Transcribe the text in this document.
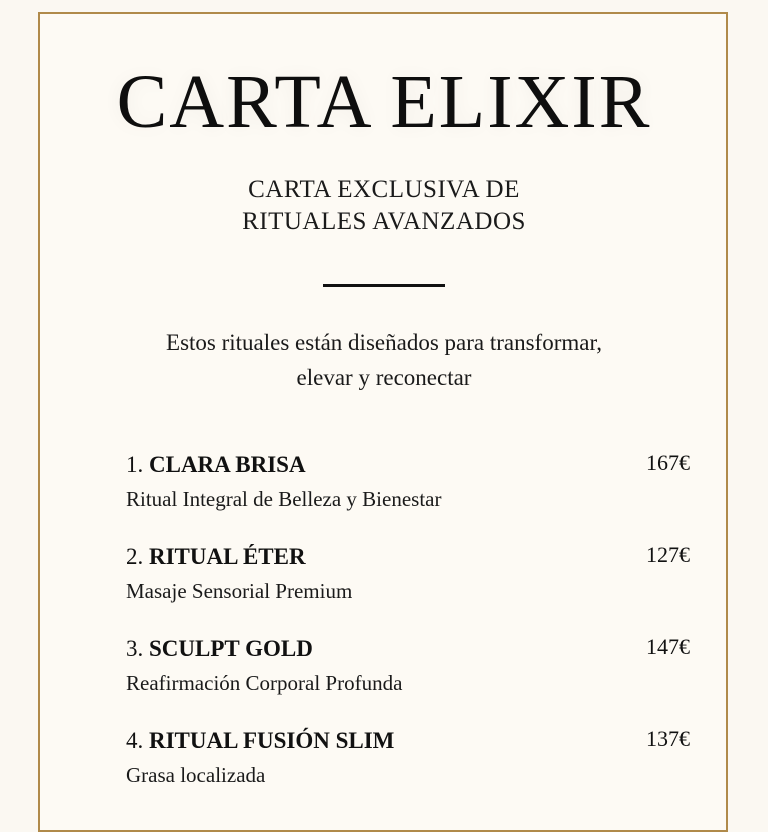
CARTA ELIXIR
CARTA EXCLUSIVA DE
RITUALES AVANZADOS
Estos rituales están diseñados para transformar,
elevar y reconectar
1. CLARA BRISA
Ritual Integral de Belleza y Bienestar
167€
2. RITUAL ÉTER
Masaje Sensorial Premium
127€
3. SCULPT GOLD
Reafirmación Corporal Profunda
147€
4. RITUAL FUSIÓN SLIM
Grasa localizada
137€
